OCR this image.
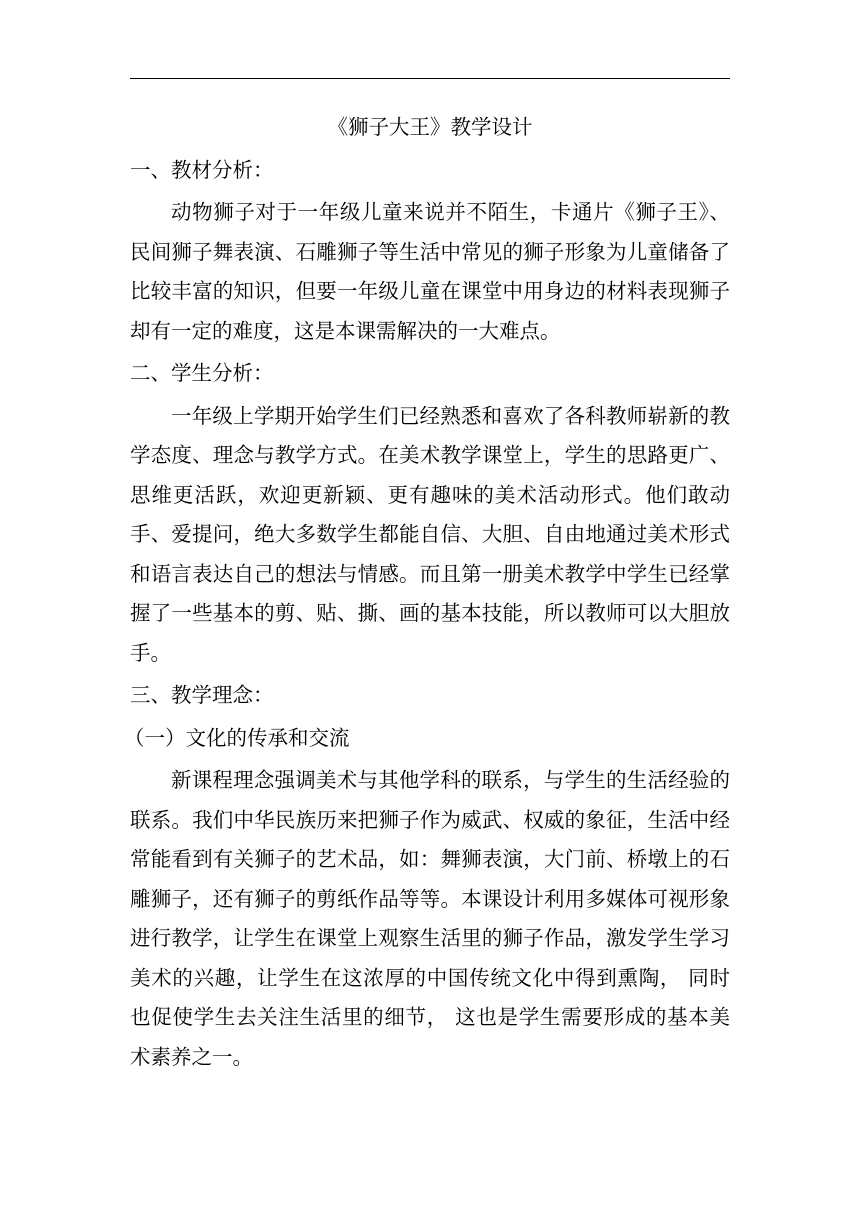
《狮子大王》教学设计

一、教材分析：

动物狮子对于一年级儿童来说并不陌生，卡通片《狮子王》、民间狮子舞表演、石雕狮子等生活中常见的狮子形象为儿童储备了比较丰富的知识，但要一年级儿童在课堂中用身边的材料表现狮子却有一定的难度，这是本课需解决的一大难点。

二、学生分析：

一年级上学期开始学生们已经熟悉和喜欢了各科教师崭新的教学态度、理念与教学方式。在美术教学课堂上，学生的思路更广、思维更活跃，欢迎更新颖、更有趣味的美术活动形式。他们敢动手、爱提问，绝大多数学生都能自信、大胆、自由地通过美术形式和语言表达自己的想法与情感。而且第一册美术教学中学生已经掌握了一些基本的剪、贴、撕、画的基本技能，所以教师可以大胆放手。

三、教学理念：

（一）文化的传承和交流

新课程理念强调美术与其他学科的联系，与学生的生活经验的联系。我们中华民族历来把狮子作为威武、权威的象征，生活中经常能看到有关狮子的艺术品，如：舞狮表演，大门前、桥墩上的石雕狮子，还有狮子的剪纸作品等等。本课设计利用多媒体可视形象进行教学，让学生在课堂上观察生活里的狮子作品，激发学生学习美术的兴趣，让学生在这浓厚的中国传统文化中得到熏陶， 同时也促使学生去关注生活里的细节， 这也是学生需要形成的基本美术素养之一。
